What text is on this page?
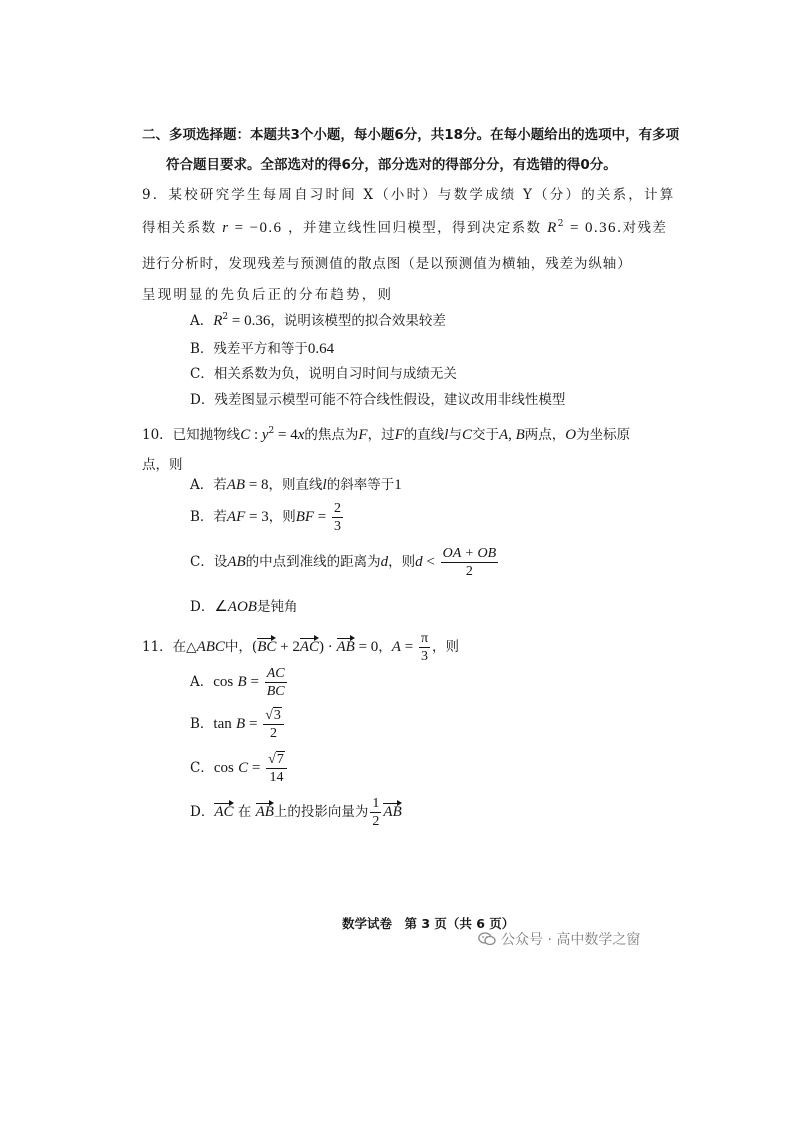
二、多项选择题：本题共3个小题，每小题6分，共18分。在每小题给出的选项中，有多项
符合题目要求。全部选对的得6分，部分选对的得部分分，有选错的得0分。
9．某校研究学生每周自习时间 X（小时）与数学成绩 Y（分）的关系，计算
得相关系数 r = −0.6 ，并建立线性回归模型，得到决定系数 $R^2 = 0.36$.对残差
进行分析时，发现残差与预测值的散点图（是以预测值为横轴，残差为纵轴）
呈现明显的先负后正的分布趋势，则
A．$R^2 = 0.36$，说明该模型的拟合效果较差
B．残差平方和等于0.64
C．相关系数为负，说明自习时间与成绩无关
D．残差图显示模型可能不符合线性假设，建议改用非线性模型
10．已知抛物线C : $y^2 = 4x$的焦点为F，过F的直线l与C交于A, B两点，O为坐标原
点，则
A．若AB = 8，则直线l的斜率等于1
B．若AF = 3，则BF = $\frac{2}{3}$
C．设AB的中点到准线的距离为d，则$d < \frac{OA + OB}{2}$
D．∠AOB是钝角
11．在△ABC中，(BC + 2AC) · AB = 0，$A = \frac{\pi}{3}$ ，则
A．$\cos B = \frac{AC}{BC}$
B．$\tan B = \frac{√3}{2}$
C．$\cos C = \frac{√7}{14}$
D．AC 在 AB上的投影向量为 $\frac{1}{2}$ AB
数学试卷　第 3 页（共 6 页）
公众号 · 高中数学之窗
